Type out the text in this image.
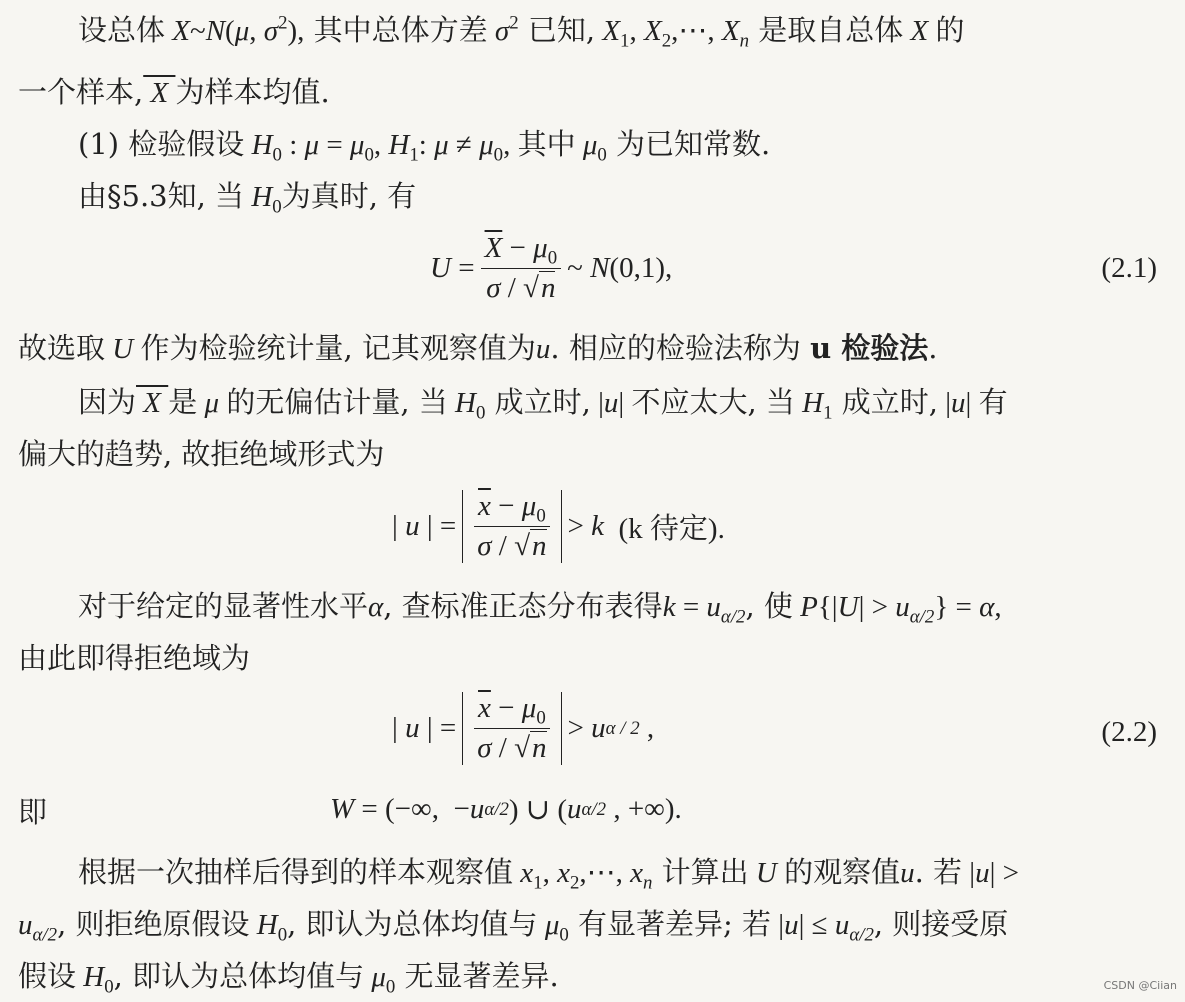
设总体 X~N(μ, $\sigma^2$), 其中总体方差 $\sigma^2$ 已知, $X_1$, $X_2,\cdots$, $X_n$ 是取自总体 X 的
一个样本, X 为样本均值.
(1) 检验假设 $H_0$ : $\mu = \mu_0$, $H_1$: $\mu \ne \mu_0$, 其中 $\mu_0$ 为已知常数.
由§5.3知, 当 $H_0$为真时, 有
$U = \frac{\overline{X} - \mu_0}{\sigma / √n}$ ~ N (0,1),	(2.1)
故选取 U 作为检验统计量, 记其观察值为u. 相应的检验法称为 u 检验法.
因为 X 是 μ 的无偏估计量, 当 $H_0$ 成立时, |u| 不应太大, 当 $H_1$ 成立时, |u| 有
偏大的趋势, 故拒绝域形式为
| u | = $\frac{\overline{x} - \mu_0}{\sigma / √n} > k$
(k 待定).
对于给定的显著性水平α, 查标准正态分布表得$k = u_{\alpha/2}$, 使 $P\{|U| > u_{\alpha/2}\} = \alpha$,
由此即得拒绝域为
| u | = $\frac{\overline{x} - \mu_0}{\sigma / √n} > u$ α / 2 ,	(2.2)
即	W = (−∞,  − u α/2 ) ∪ ( u α/2 , +∞).
根据一次抽样后得到的样本观察值 $x_1$, $x_2,\cdots$, $x_n$ 计算出 U 的观察值u. 若 |u| >
$u_{\alpha/2}$, 则拒绝原假设 $H_0$, 即认为总体均值与 $\mu_0$ 有显著差异; 若 $|u| \le u_{\alpha/2}$, 则接受原
假设 $H_0$, 即认为总体均值与 $\mu_0$ 无显著差异.	CSDN @Ciian
